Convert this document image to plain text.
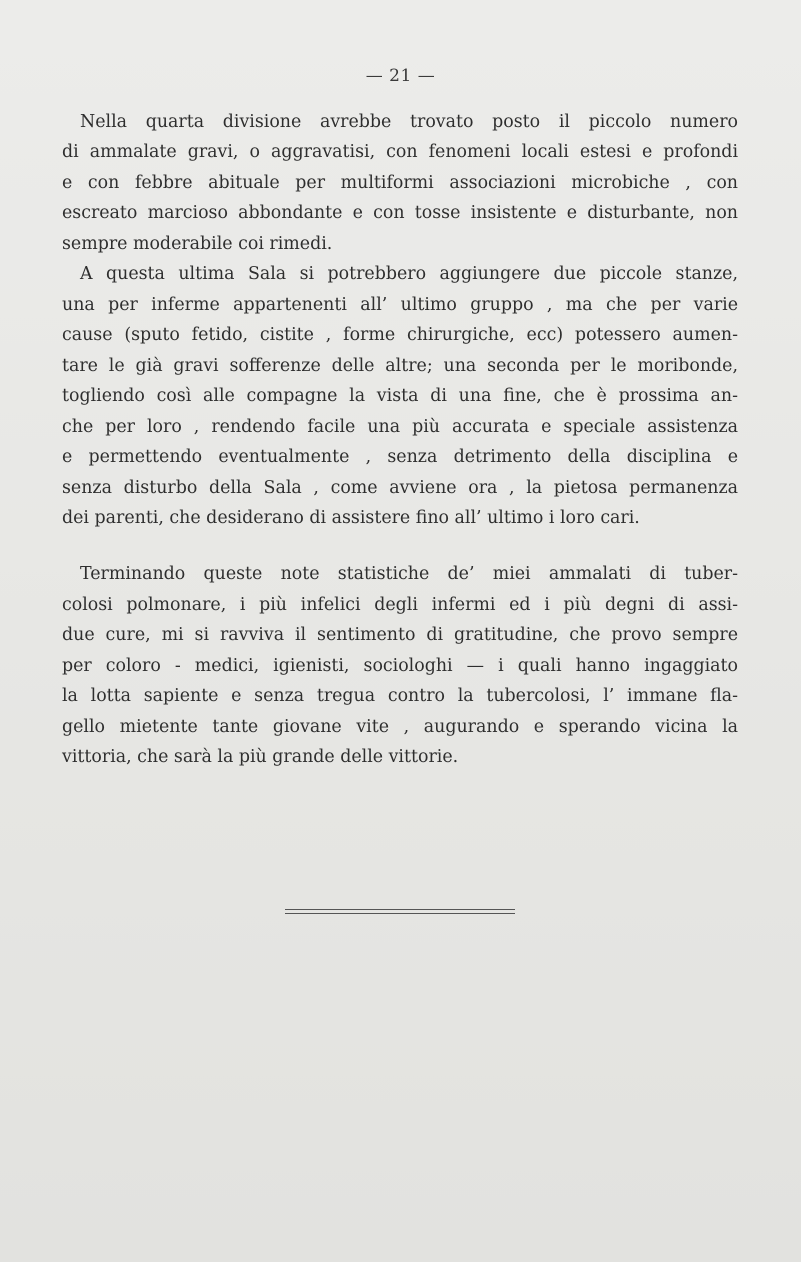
— 21 —
Nella quarta divisione avrebbe trovato posto il piccolo numero
di ammalate gravi, o aggravatisi, con fenomeni locali estesi e profondi
e con febbre abituale per multiformi associazioni microbiche , con
escreato marcioso abbondante e con tosse insistente e disturbante, non
sempre moderabile coi rimedi.
A questa ultima Sala si potrebbero aggiungere due piccole stanze,
una per inferme appartenenti all’ ultimo gruppo , ma che per varie
cause (sputo fetido, cistite , forme chirurgiche, ecc) potessero aumen-
tare le già gravi sofferenze delle altre; una seconda per le moribonde,
togliendo così alle compagne la vista di una fine, che è prossima an-
che per loro , rendendo facile una più accurata e speciale assistenza
e permettendo eventualmente , senza detrimento della disciplina e
senza disturbo della Sala , come avviene ora , la pietosa permanenza
dei parenti, che desiderano di assistere fino all’ ultimo i loro cari.
Terminando queste note statistiche de’ miei ammalati di tuber-
colosi polmonare, i più infelici degli infermi ed i più degni di assi-
due cure, mi si ravviva il sentimento di gratitudine, che provo sempre
per coloro - medici, igienisti, sociologhi — i quali hanno ingaggiato
la lotta sapiente e senza tregua contro la tubercolosi, l’ immane fla-
gello mietente tante giovane vite , augurando e sperando vicina la
vittoria, che sarà la più grande delle vittorie.
